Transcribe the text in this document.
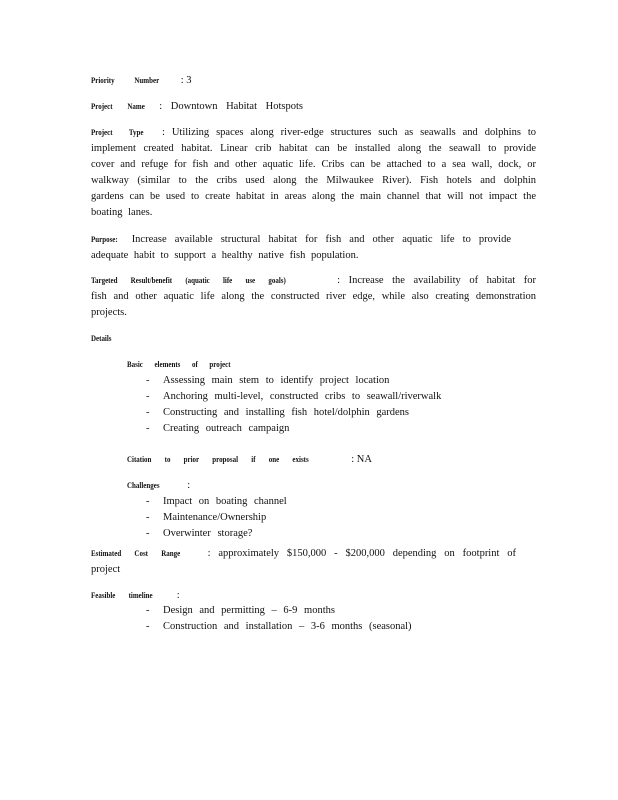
Priority Number : 3
Project Name : Downtown Habitat Hotspots
Project Type : Utilizing spaces along river-edge structures such as seawalls and dolphins to implement created habitat. Linear crib habitat can be installed along the seawall to provide cover and refuge for fish and other aquatic life. Cribs can be attached to a sea wall, dock, or walkway (similar to the cribs used along the Milwaukee River). Fish hotels and dolphin gardens can be used to create habitat in areas along the main channel that will not impact the boating lanes.
Purpose: Increase available structural habitat for fish and other aquatic life to provide adequate habit to support a healthy native fish population.
Targeted Result/benefit (aquatic life use goals)	: Increase the availability of habitat for fish and other aquatic life along the constructed river edge, while also creating demonstration projects.
Details
Basic elements of project
- Assessing main stem to identify project location
- Anchoring multi-level, constructed cribs to seawall/riverwalk
- Constructing and installing fish hotel/dolphin gardens
- Creating outreach campaign
Citation to prior proposal if one exists	: NA
Challenges	:
- Impact on boating channel
- Maintenance/Ownership
- Overwinter storage?
Estimated Cost Range	: approximately $150,000 - $200,000 depending on footprint of project
Feasible timeline :
- Design and permitting – 6-9 months
- Construction and installation – 3-6 months (seasonal)
